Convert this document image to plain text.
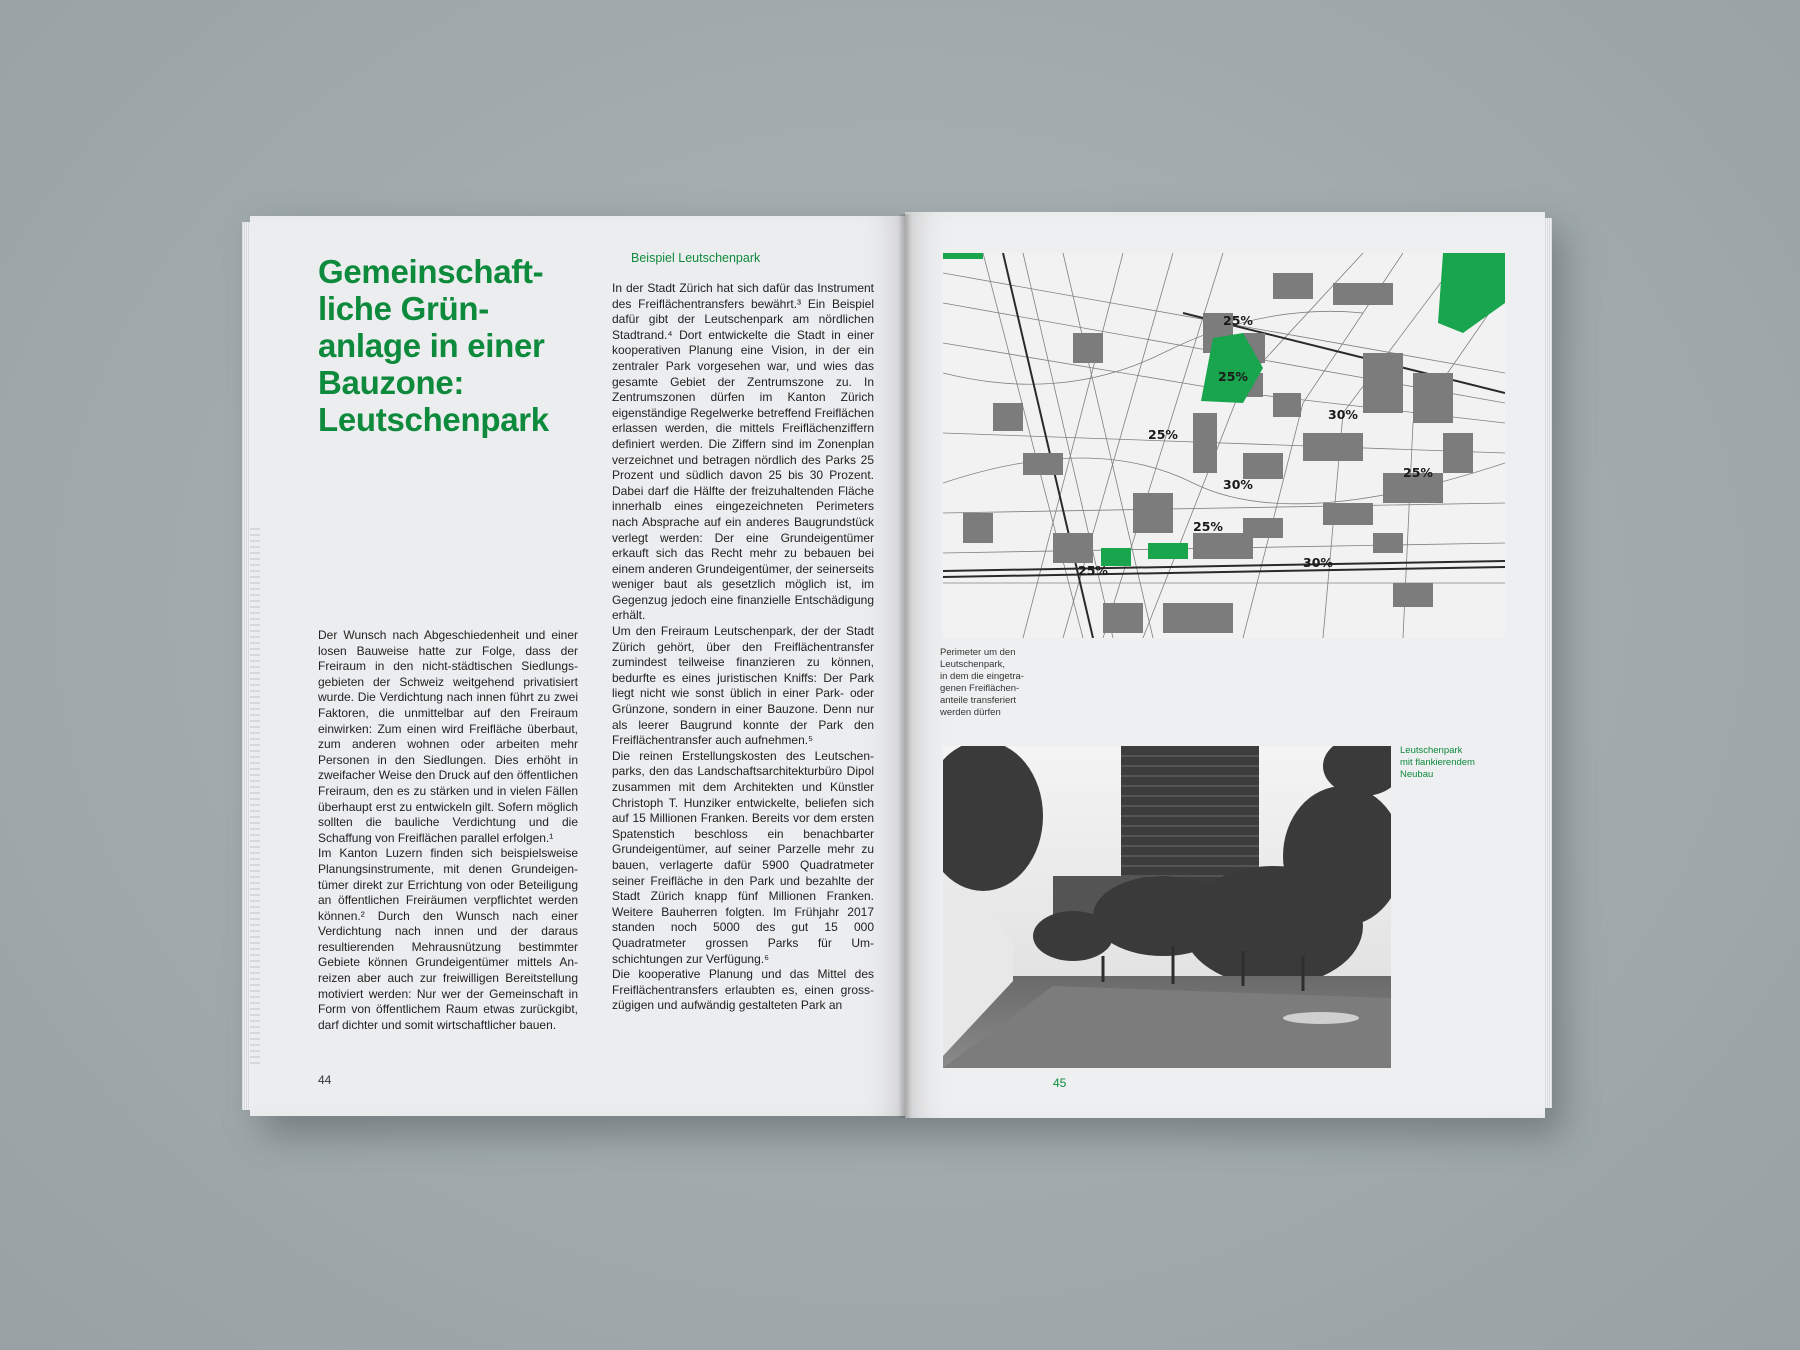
Gemeinschaft-
liche Grün-
anlage in einer
Bauzone:
Leutschenpark
Beispiel Leutschenpark

Der Wunsch nach Abgeschiedenheit und einer losen Bauweise hatte zur Folge, dass der Freiraum in den nicht-städtischen Siedlungsgebieten der Schweiz weitgehend privatisiert wurde. Die Verdichtung nach innen führt zu zwei Faktoren, die unmittelbar auf den Freiraum einwirken: Zum einen wird Freifläche überbaut, zum anderen wohnen oder arbeiten mehr Personen in den Siedlungen. Dies erhöht in zweifacher Weise den Druck auf den öffentlichen Freiraum, den es zu stärken und in vielen Fällen überhaupt erst zu entwickeln gilt. Sofern möglich sollten die bauliche Verdichtung und die Schaffung von Freiflächen parallel erfolgen.¹

Im Kanton Luzern finden sich beispielsweise Planungsinstrumente, mit denen Grundeigentümer direkt zur Errichtung von oder Beteiligung an öffentlichen Freiräumen verpflichtet werden können.² Durch den Wunsch nach einer Verdichtung nach innen und der daraus resultierenden Mehrausnützung bestimmter Gebiete können Grundeigentümer mittels Anreizen aber auch zur freiwilligen Bereitstellung motiviert werden: Nur wer der Gemeinschaft in Form von öffentlichem Raum etwas zurückgibt, darf dichter und somit wirtschaftlicher bauen.

In der Stadt Zürich hat sich dafür das Instrument des Freiflächentransfers bewährt.³ Ein Beispiel dafür gibt der Leutschenpark am nördlichen Stadtrand.⁴ Dort entwickelte die Stadt in einer kooperativen Planung eine Vision, in der ein zentraler Park vorgesehen war, und wies das gesamte Gebiet der Zentrumszone zu. In Zentrumszonen dürfen im Kanton Zürich eigenständige Regelwerke betreffend Freiflächen erlassen werden, die mittels Freiflächenziffern definiert werden. Die Ziffern sind im Zonenplan verzeichnet und betragen nördlich des Parks 25 Prozent und südlich davon 25 bis 30 Prozent. Dabei darf die Hälfte der freizuhaltenden Fläche innerhalb eines eingezeichneten Perimeters nach Absprache auf ein anderes Baugrundstück verlegt werden: Der eine Grundeigentümer erkauft sich das Recht mehr zu bebauen bei einem anderen Grundeigentümer, der seinerseits weniger baut als gesetzlich möglich ist, im Gegenzug jedoch eine finanzielle Entschädigung erhält.

Um den Freiraum Leutschenpark, der der Stadt Zürich gehört, über den Freiflächentransfer zumindest teilweise finanzieren zu können, bedurfte es eines juristischen Kniffs: Der Park liegt nicht wie sonst üblich in einer Park- oder Grünzone, sondern in einer Bauzone. Denn nur als leerer Baugrund konnte der Park den Freiflächentransfer auch aufnehmen.⁵

Die reinen Erstellungskosten des Leutschenparks, den das Landschaftsarchitekturbüro Dipol zusammen mit dem Architekten und Künstler Christoph T. Hunziker entwickelte, beliefen sich auf 15 Millionen Franken. Bereits vor dem ersten Spatenstich beschloss ein benachbarter Grundeigentümer, auf seiner Parzelle mehr zu bauen, verlagerte dafür 5900 Quadratmeter seiner Freifläche in den Park und bezahlte der Stadt Zürich knapp fünf Millionen Franken. Weitere Bauherren folgten. Im Frühjahr 2017 standen noch 5000 des gut 15 000 Quadratmeter grossen Parks für Umschichtungen zur Verfügung.⁶

Die kooperative Planung und das Mittel des Freiflächentransfers erlaubten es, einen grosszügigen und aufwändig gestalteten Park an

44	45
25%
25%
30%
25%
30%
25%
25%
25%
30%
Perimeter um den
Leutschenpark,
in dem die eingetra-
genen Freiflächen-
anteile transferiert
werden dürfen
Leutschenpark
mit flankierendem
Neubau
